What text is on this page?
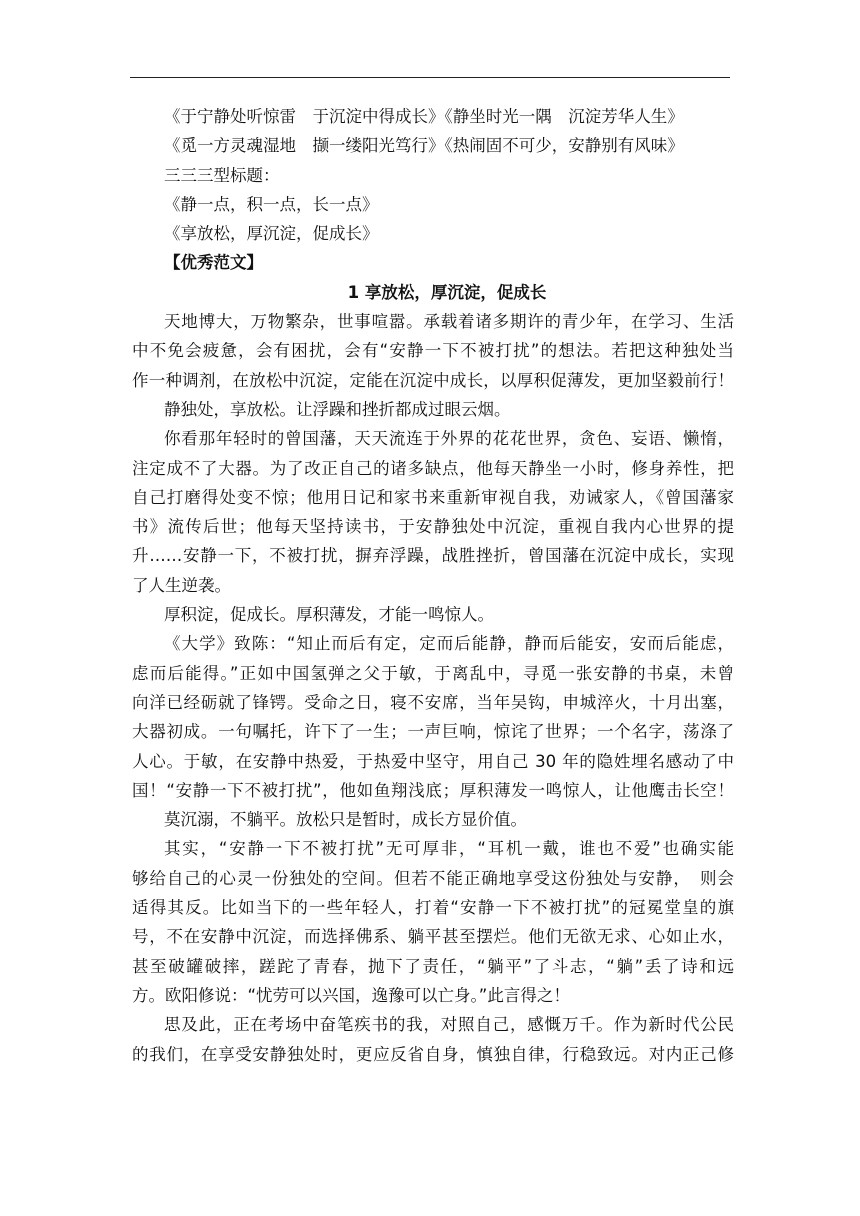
《于宁静处听惊雷　于沉淀中得成长》《静坐时光一隅　沉淀芳华人生》
《觅一方灵魂湿地　撷一缕阳光笃行》《热闹固不可少，安静别有风味》
三三三型标题：
《静一点，积一点，长一点》
《享放松，厚沉淀，促成长》
【优秀范文】
1 享放松，厚沉淀，促成长
天地博大，万物繁杂，世事喧嚣。承载着诸多期许的青少年，在学习、生活
中不免会疲惫，会有困扰，会有“安静一下不被打扰”的想法。若把这种独处当
作一种调剂，在放松中沉淀，定能在沉淀中成长，以厚积促薄发，更加坚毅前行！
静独处，享放松。让浮躁和挫折都成过眼云烟。
你看那年轻时的曾国藩，天天流连于外界的花花世界，贪色、妄语、懒惰，
注定成不了大器。为了改正自己的诸多缺点，他每天静坐一小时，修身养性，把
自己打磨得处变不惊；他用日记和家书来重新审视自我，劝诫家人，《曾国藩家
书》流传后世；他每天坚持读书，于安静独处中沉淀，重视自我内心世界的提
升……安静一下，不被打扰，摒弃浮躁，战胜挫折，曾国藩在沉淀中成长，实现
了人生逆袭。
厚积淀，促成长。厚积薄发，才能一鸣惊人。
《大学》致陈：“知止而后有定，定而后能静，静而后能安，安而后能虑，
虑而后能得。”正如中国氢弹之父于敏，于离乱中，寻觅一张安静的书桌，未曾
向洋已经砺就了锋锷。受命之日，寝不安席，当年吴钩，申城淬火，十月出塞，
大器初成。一句嘱托，许下了一生；一声巨响，惊诧了世界；一个名字，荡涤了
人心。于敏，在安静中热爱，于热爱中坚守，用自己 30 年的隐姓埋名感动了中
国！“安静一下不被打扰”，他如鱼翔浅底；厚积薄发一鸣惊人，让他鹰击长空！
莫沉溺，不躺平。放松只是暂时，成长方显价值。
其实，“安静一下不被打扰”无可厚非，“耳机一戴，谁也不爱”也确实能
够给自己的心灵一份独处的空间。但若不能正确地享受这份独处与安静，　则会
适得其反。比如当下的一些年轻人，打着“安静一下不被打扰”的冠冕堂皇的旗
号，不在安静中沉淀，而选择佛系、躺平甚至摆烂。他们无欲无求、心如止水，
甚至破罐破摔，蹉跎了青春，抛下了责任，“躺平”了斗志，“躺”丢了诗和远
方。欧阳修说：“忧劳可以兴国，逸豫可以亡身。”此言得之！
思及此，正在考场中奋笔疾书的我，对照自己，感慨万千。作为新时代公民
的我们，在享受安静独处时，更应反省自身，慎独自律，行稳致远。对内正己修
